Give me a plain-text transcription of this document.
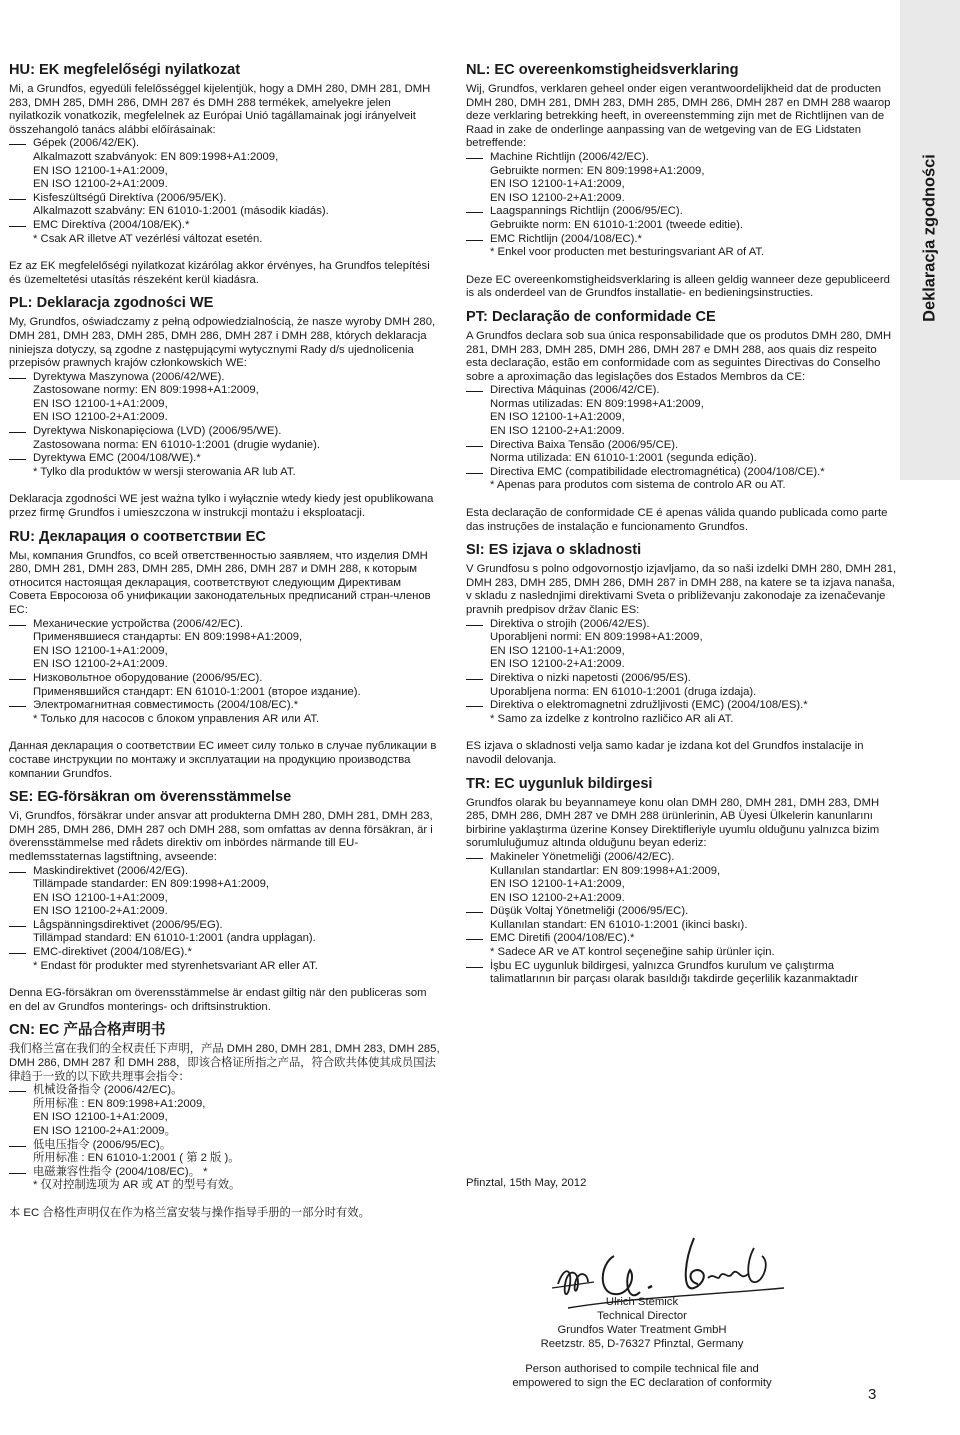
Deklaracja zgodności
HU: EK megfelelőségi nyilatkozat
Mi, a Grundfos, egyedüli felelősséggel kijelentjük, hogy a DMH 280, DMH 281, DMH 283, DMH 285, DMH 286, DMH 287 és DMH 288 termékek, amelyekre jelen nyilatkozik vonatkozik, megfelelnek az Európai Unió tagállamainak jogi irányelveit összehangoló tanács alábbi előírásainak:
Gépek (2006/42/EK).
Alkalmazott szabványok: EN 809:1998+A1:2009,
EN ISO 12100-1+A1:2009,
EN ISO 12100-2+A1:2009.
Kisfeszültségű Direktíva (2006/95/EK).
Alkalmazott szabvány: EN 61010-1:2001 (második kiadás).
EMC Direktíva (2004/108/EK).*
* Csak AR illetve AT vezérlési változat esetén.
Ez az EK megfelelőségi nyilatkozat kizárólag akkor érvényes, ha Grundfos telepítési és üzemeltetési utasítás részeként kerül kiadásra.
PL: Deklaracja zgodności WE
My, Grundfos, oświadczamy z pełną odpowiedzialnością, że nasze wyroby DMH 280, DMH 281, DMH 283, DMH 285, DMH 286, DMH 287 i DMH 288, których deklaracja niniejsza dotyczy, są zgodne z następującymi wytycznymi Rady d/s ujednolicenia przepisów prawnych krajów członkowskich WE:
Dyrektywa Maszynowa (2006/42/WE).
Zastosowane normy: EN 809:1998+A1:2009,
EN ISO 12100-1+A1:2009,
EN ISO 12100-2+A1:2009.
Dyrektywa Niskonapięciowa (LVD) (2006/95/WE).
Zastosowana norma: EN 61010-1:2001 (drugie wydanie).
Dyrektywa EMC (2004/108/WE).*
* Tylko dla produktów w wersji sterowania AR lub AT.
Deklaracja zgodności WE jest ważna tylko i wyłącznie wtedy kiedy jest opublikowana przez firmę Grundfos i umieszczona w instrukcji montażu i eksploatacji.
RU: Декларация о соответствии EC
Мы, компания Grundfos, со всей ответственностью заявляем, что изделия DMH 280, DMH 281, DMH 283, DMH 285, DMH 286, DMH 287 и DMH 288, к которым относится настоящая декларация, соответствуют следующим Директивам Совета Евросоюза об унификации законодательных предписаний стран-членов ЕС:
Механические устройства (2006/42/EC).
Применявшиеся стандарты: EN 809:1998+A1:2009,
EN ISO 12100-1+A1:2009,
EN ISO 12100-2+A1:2009.
Низковольтное оборудование (2006/95/EC).
Применявшийся стандарт: EN 61010-1:2001 (второе издание).
Электромагнитная совместимость (2004/108/EC).*
* Только для насосов с блоком управления AR или AT.
Данная декларация о соответствии EC имеет силу только в случае публикации в составе инструкции по монтажу и эксплуатации на продукцию производства компании Grundfos.
SE: EG-försäkran om överensstämmelse
Vi, Grundfos, försäkrar under ansvar att produkterna DMH 280, DMH 281, DMH 283, DMH 285, DMH 286, DMH 287 och DMH 288, som omfattas av denna försäkran, är i överensstämmelse med rådets direktiv om inbördes närmande till EU-medlemsstaternas lagstiftning, avseende:
Maskindirektivet (2006/42/EG).
Tillämpade standarder: EN 809:1998+A1:2009,
EN ISO 12100-1+A1:2009,
EN ISO 12100-2+A1:2009.
Lågspänningsdirektivet (2006/95/EG).
Tillämpad standard: EN 61010-1:2001 (andra upplagan).
EMC-direktivet (2004/108/EG).*
* Endast för produkter med styrenhetsvariant AR eller AT.
Denna EG-försäkran om överensstämmelse är endast giltig när den publiceras som en del av Grundfos monterings- och driftsinstruktion.
CN: EC 产品合格声明书
我们格兰富在我们的全权责任下声明，产品 DMH 280, DMH 281, DMH 283, DMH 285, DMH 286, DMH 287 和 DMH 288，即该合格证所指之产品，符合欧共体使其成员国法律趋于一致的以下欧共理事会指令：
机械设备指令 (2006/42/EC)。
所用标准 : EN 809:1998+A1:2009,
EN ISO 12100-1+A1:2009,
EN ISO 12100-2+A1:2009。
低电压指令 (2006/95/EC)。
所用标准 : EN 61010-1:2001 ( 第 2 版 )。
电磁兼容性指令 (2004/108/EC)。 *
* 仅对控制选项为 AR 或 AT 的型号有效。
本 EC 合格性声明仅在作为格兰富安装与操作指导手册的一部分时有效。
NL: EC overeenkomstigheidsverklaring
Wij, Grundfos, verklaren geheel onder eigen verantwoordelijkheid dat de producten DMH 280, DMH 281, DMH 283, DMH 285, DMH 286, DMH 287 en DMH 288 waarop deze verklaring betrekking heeft, in overeenstemming zijn met de Richtlijnen van de Raad in zake de onderlinge aanpassing van de wetgeving van de EG Lidstaten betreffende:
Machine Richtlijn (2006/42/EC).
Gebruikte normen: EN 809:1998+A1:2009,
EN ISO 12100-1+A1:2009,
EN ISO 12100-2+A1:2009.
Laagspannings Richtlijn (2006/95/EC).
Gebruikte norm: EN 61010-1:2001 (tweede editie).
EMC Richtlijn (2004/108/EC).*
* Enkel voor producten met besturingsvariant AR of AT.
Deze EC overeenkomstigheidsverklaring is alleen geldig wanneer deze gepubliceerd is als onderdeel van de Grundfos installatie- en bedieningsinstructies.
PT: Declaração de conformidade CE
A Grundfos declara sob sua única responsabilidade que os produtos DMH 280, DMH 281, DMH 283, DMH 285, DMH 286, DMH 287 e DMH 288, aos quais diz respeito esta declaração, estão em conformidade com as seguintes Directivas do Conselho sobre a aproximação das legislações dos Estados Membros da CE:
Directiva Máquinas (2006/42/CE).
Normas utilizadas: EN 809:1998+A1:2009,
EN ISO 12100-1+A1:2009,
EN ISO 12100-2+A1:2009.
Directiva Baixa Tensão (2006/95/CE).
Norma utilizada: EN 61010-1:2001 (segunda edição).
Directiva EMC (compatibilidade electromagnética) (2004/108/CE).*
* Apenas para produtos com sistema de controlo AR ou AT.
Esta declaração de conformidade CE é apenas válida quando publicada como parte das instruções de instalação e funcionamento Grundfos.
SI: ES izjava o skladnosti
V Grundfosu s polno odgovornostjo izjavljamo, da so naši izdelki DMH 280, DMH 281, DMH 283, DMH 285, DMH 286, DMH 287 in DMH 288, na katere se ta izjava nanaša, v skladu z naslednjimi direktivami Sveta o približevanju zakonodaje za izenačevanje pravnih predpisov držav članic ES:
Direktiva o strojih (2006/42/ES).
Uporabljeni normi: EN 809:1998+A1:2009,
EN ISO 12100-1+A1:2009,
EN ISO 12100-2+A1:2009.
Direktiva o nizki napetosti (2006/95/ES).
Uporabljena norma: EN 61010-1:2001 (druga izdaja).
Direktiva o elektromagnetni združljivosti (EMC) (2004/108/ES).*
* Samo za izdelke z kontrolno različico AR ali AT.
ES izjava o skladnosti velja samo kadar je izdana kot del Grundfos instalacije in navodil delovanja.
TR: EC uygunluk bildirgesi
Grundfos olarak bu beyannameye konu olan DMH 280, DMH 281, DMH 283, DMH 285, DMH 286, DMH 287 ve DMH 288 ürünlerinin, AB Üyesi Ülkelerin kanunlarını birbirine yaklaştırma üzerine Konsey Direktifleriyle uyumlu olduğunu yalnızca bizim sorumluluğumuz altında olduğunu beyan ederiz:
Makineler Yönetmeliği (2006/42/EC).
Kullanılan standartlar: EN 809:1998+A1:2009,
EN ISO 12100-1+A1:2009,
EN ISO 12100-2+A1:2009.
Düşük Voltaj Yönetmeliği (2006/95/EC).
Kullanılan standart: EN 61010-1:2001 (ikinci baskı).
EMC Diretifi (2004/108/EC).*
* Sadece AR ve AT kontrol seçeneğine sahip ürünler için.
İşbu EC uygunluk bildirgesi, yalnızca Grundfos kurulum ve çalıştırma talimatlarının bir parçası olarak basıldığı takdirde geçerlilik kazanmaktadır
Pfinztal, 15th May, 2012
Ulrich Stemick
Technical Director
Grundfos Water Treatment GmbH
Reetzstr. 85, D-76327 Pfinztal, Germany
Person authorised to compile technical file and
empowered to sign the EC declaration of conformity
3
